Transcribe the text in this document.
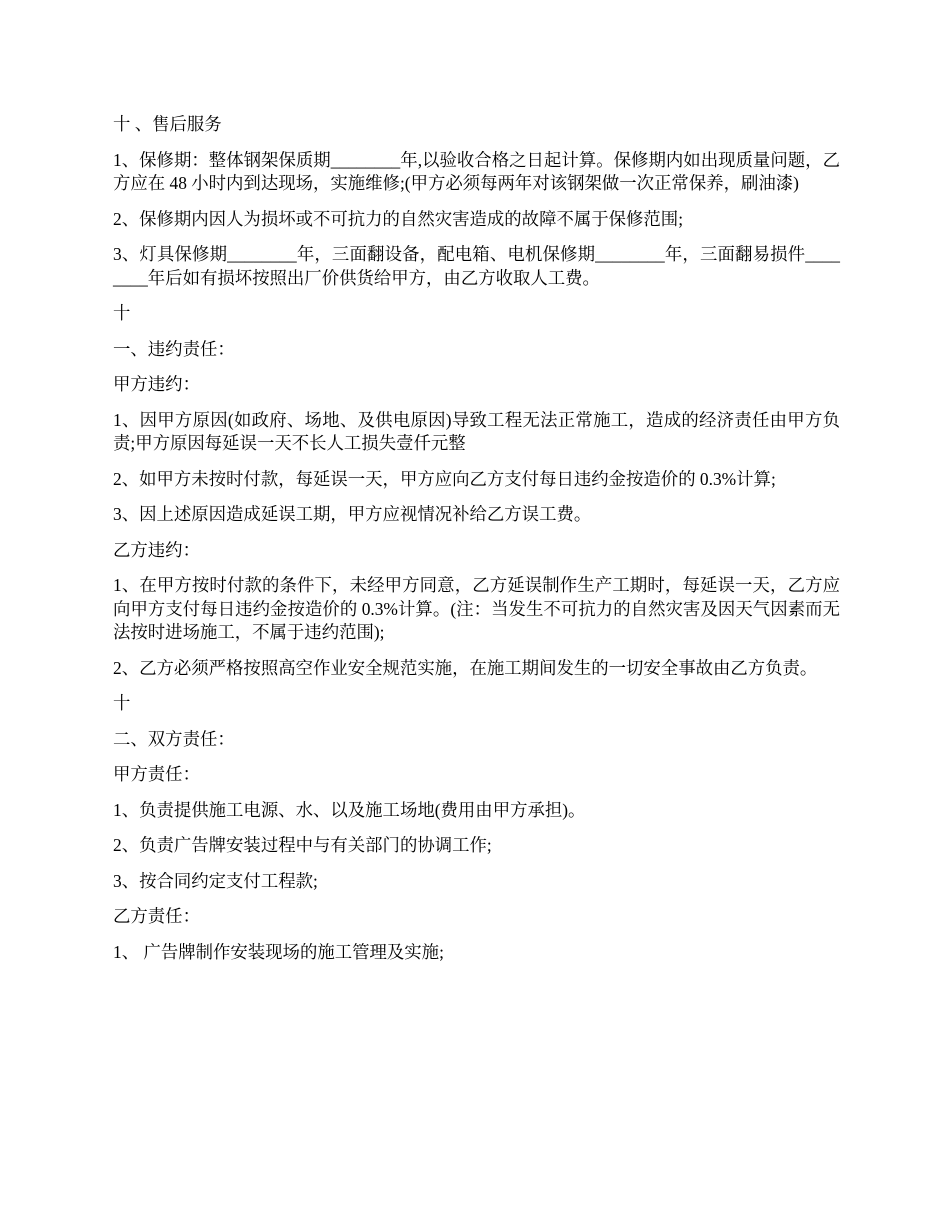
十 、售后服务

1、保修期：整体钢架保质期________年,以验收合格之日起计算。保修期内如出现质量问题，乙方应在 48 小时内到达现场，实施维修;(甲方必须每两年对该钢架做一次正常保养，刷油漆)

2、保修期内因人为损坏或不可抗力的自然灾害造成的故障不属于保修范围;

3、灯具保修期________年，三面翻设备，配电箱、电机保修期________年，三面翻易损件________年后如有损坏按照出厂价供货给甲方，由乙方收取人工费。

十

一、违约责任：

甲方违约：

1、因甲方原因(如政府、场地、及供电原因)导致工程无法正常施工，造成的经济责任由甲方负责;甲方原因每延误一天不长人工损失壹仟元整

2、如甲方未按时付款，每延误一天，甲方应向乙方支付每日违约金按造价的 0.3%计算;

3、因上述原因造成延误工期，甲方应视情况补给乙方误工费。

乙方违约：

1、在甲方按时付款的条件下，未经甲方同意，乙方延误制作生产工期时，每延误一天，乙方应向甲方支付每日违约金按造价的 0.3%计算。(注：当发生不可抗力的自然灾害及因天气因素而无法按时进场施工，不属于违约范围);

2、乙方必须严格按照高空作业安全规范实施，在施工期间发生的一切安全事故由乙方负责。

十

二、双方责任：

甲方责任：

1、负责提供施工电源、水、以及施工场地(费用由甲方承担)。

2、负责广告牌安装过程中与有关部门的协调工作;

3、按合同约定支付工程款;

乙方责任：

1、 广告牌制作安装现场的施工管理及实施;
